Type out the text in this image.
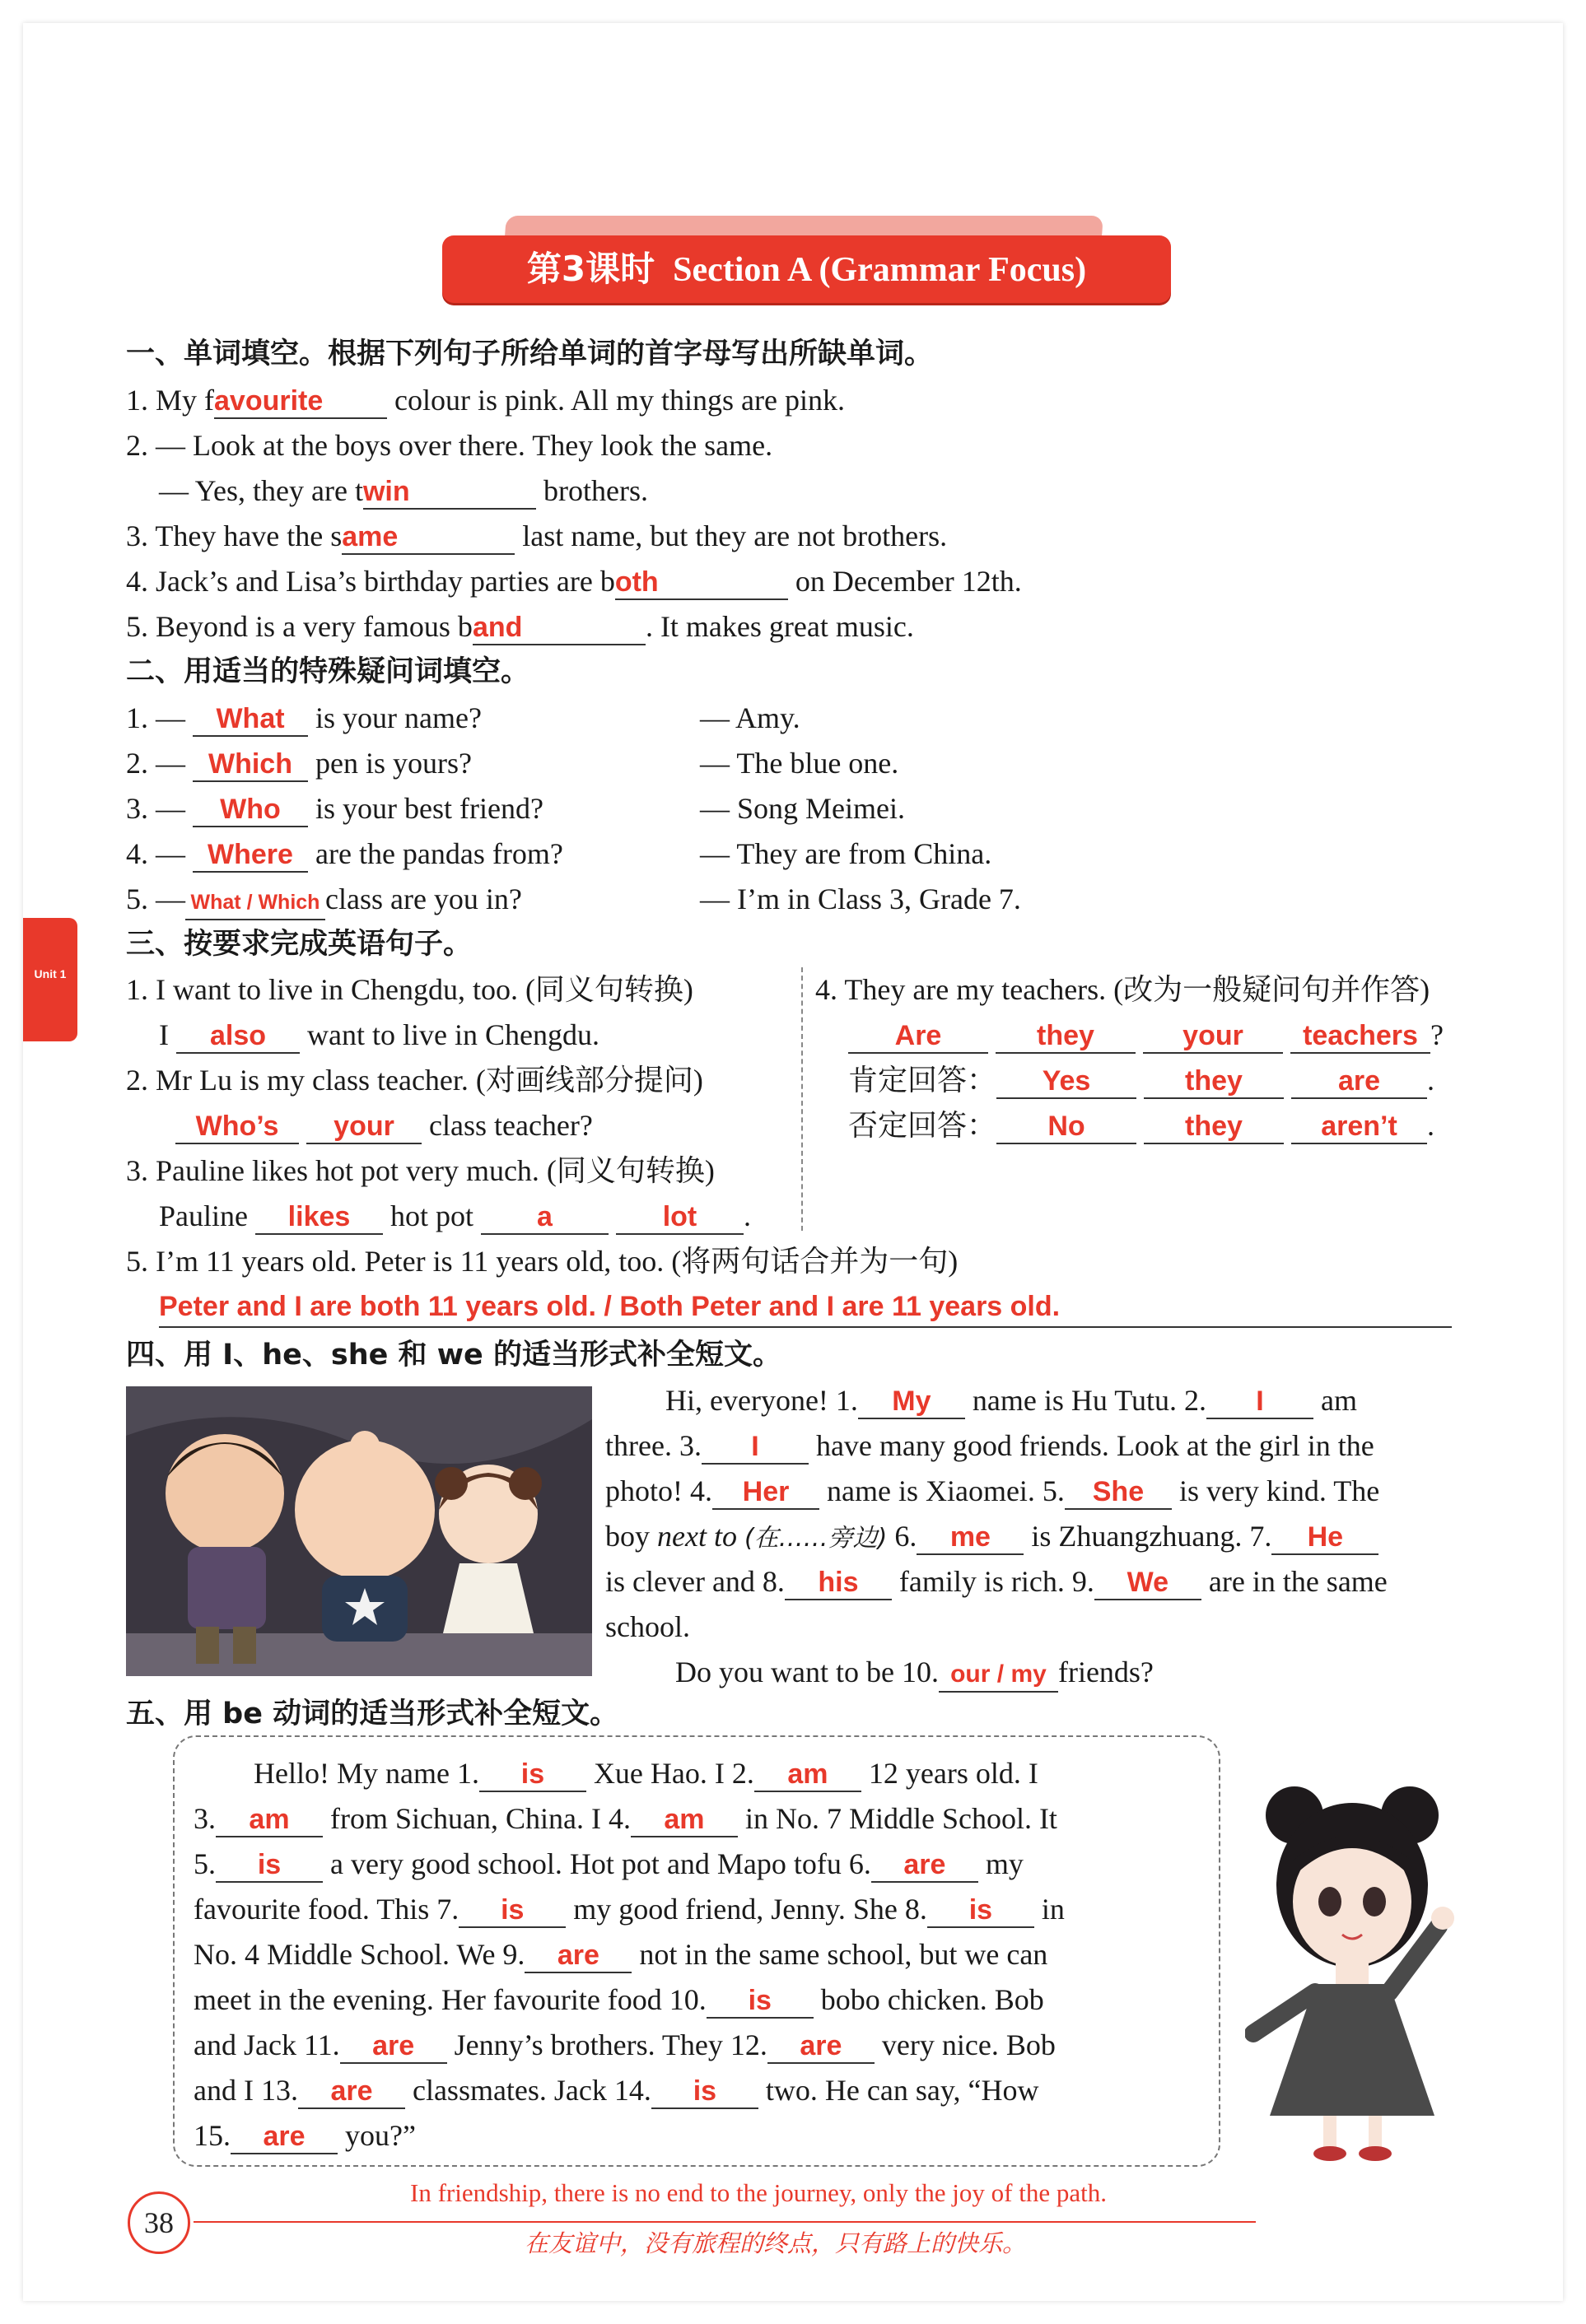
第3课时 Section A (Grammar Focus)
Unit 1
一、单词填空。根据下列句子所给单词的首字母写出所缺单词。
1. My favourite colour is pink. All my things are pink.
2. — Look at the boys over there. They look the same.
— Yes, they are twin	brothers.
3. They have the same	last name, but they are not brothers.
4. Jack’s and Lisa’s birthday parties are both	on December 12th.
5. Beyond is a very famous band	. It makes great music.
二、用适当的特殊疑问词填空。
1. — What is your name?	— Amy.
2. — Which pen is yours?	— The blue one.
3. — Who is your best friend?	— Song Meimei.
4. — Where are the pandas from?	— They are from China.
5. — What / Which class are you in?	— I’m in Class 3, Grade 7.
三、按要求完成英语句子。
1. I want to live in Chengdu, too. (同义句转换)
I also want to live in Chengdu.
2. Mr Lu is my class teacher. (对画线部分提问)
Who’s your class teacher?
3. Pauline likes hot pot very much. (同义句转换)
Pauline likes hot pot a	lot .
4. They are my teachers. (改为一般疑问句并作答)
Are	they	your teachers ?
肯定回答： Yes	they	are .
否定回答： No	they	aren’t .
5. I’m 11 years old. Peter is 11 years old, too. (将两句话合并为一句)
Peter and I are both 11 years old. / Both Peter and I are 11 years old.
四、用 I、he、she 和 we 的适当形式补全短文。
Hi, everyone! 1. My name is Hu Tutu. 2. I am
three. 3. I have many good friends. Look at the girl in the
photo! 4. Her name is Xiaomei. 5. She is very kind. The
boy next to (在……旁边) 6. me is Zhuangzhuang. 7. He
is clever and 8. his family is rich. 9. We are in the same
school.
Do you want to be 10. our / my friends?
五、用 be 动词的适当形式补全短文。
Hello! My name 1. is Xue Hao. I 2. am 12 years old. I
3. am from Sichuan, China. I 4. am in No. 7 Middle School. It
5. is a very good school. Hot pot and Mapo tofu 6. are my
favourite food. This 7. is my good friend, Jenny. She 8. is in
No. 4 Middle School. We 9. are not in the same school, but we can
meet in the evening. Her favourite food 10. is bobo chicken. Bob
and Jack 11. are Jenny’s brothers. They 12. are very nice. Bob
and I 13. are classmates. Jack 14. is two. He can say, “How
15. are you?”
38
In friendship, there is no end to the journey, only the joy of the path.
在友谊中，没有旅程的终点，只有路上的快乐。
